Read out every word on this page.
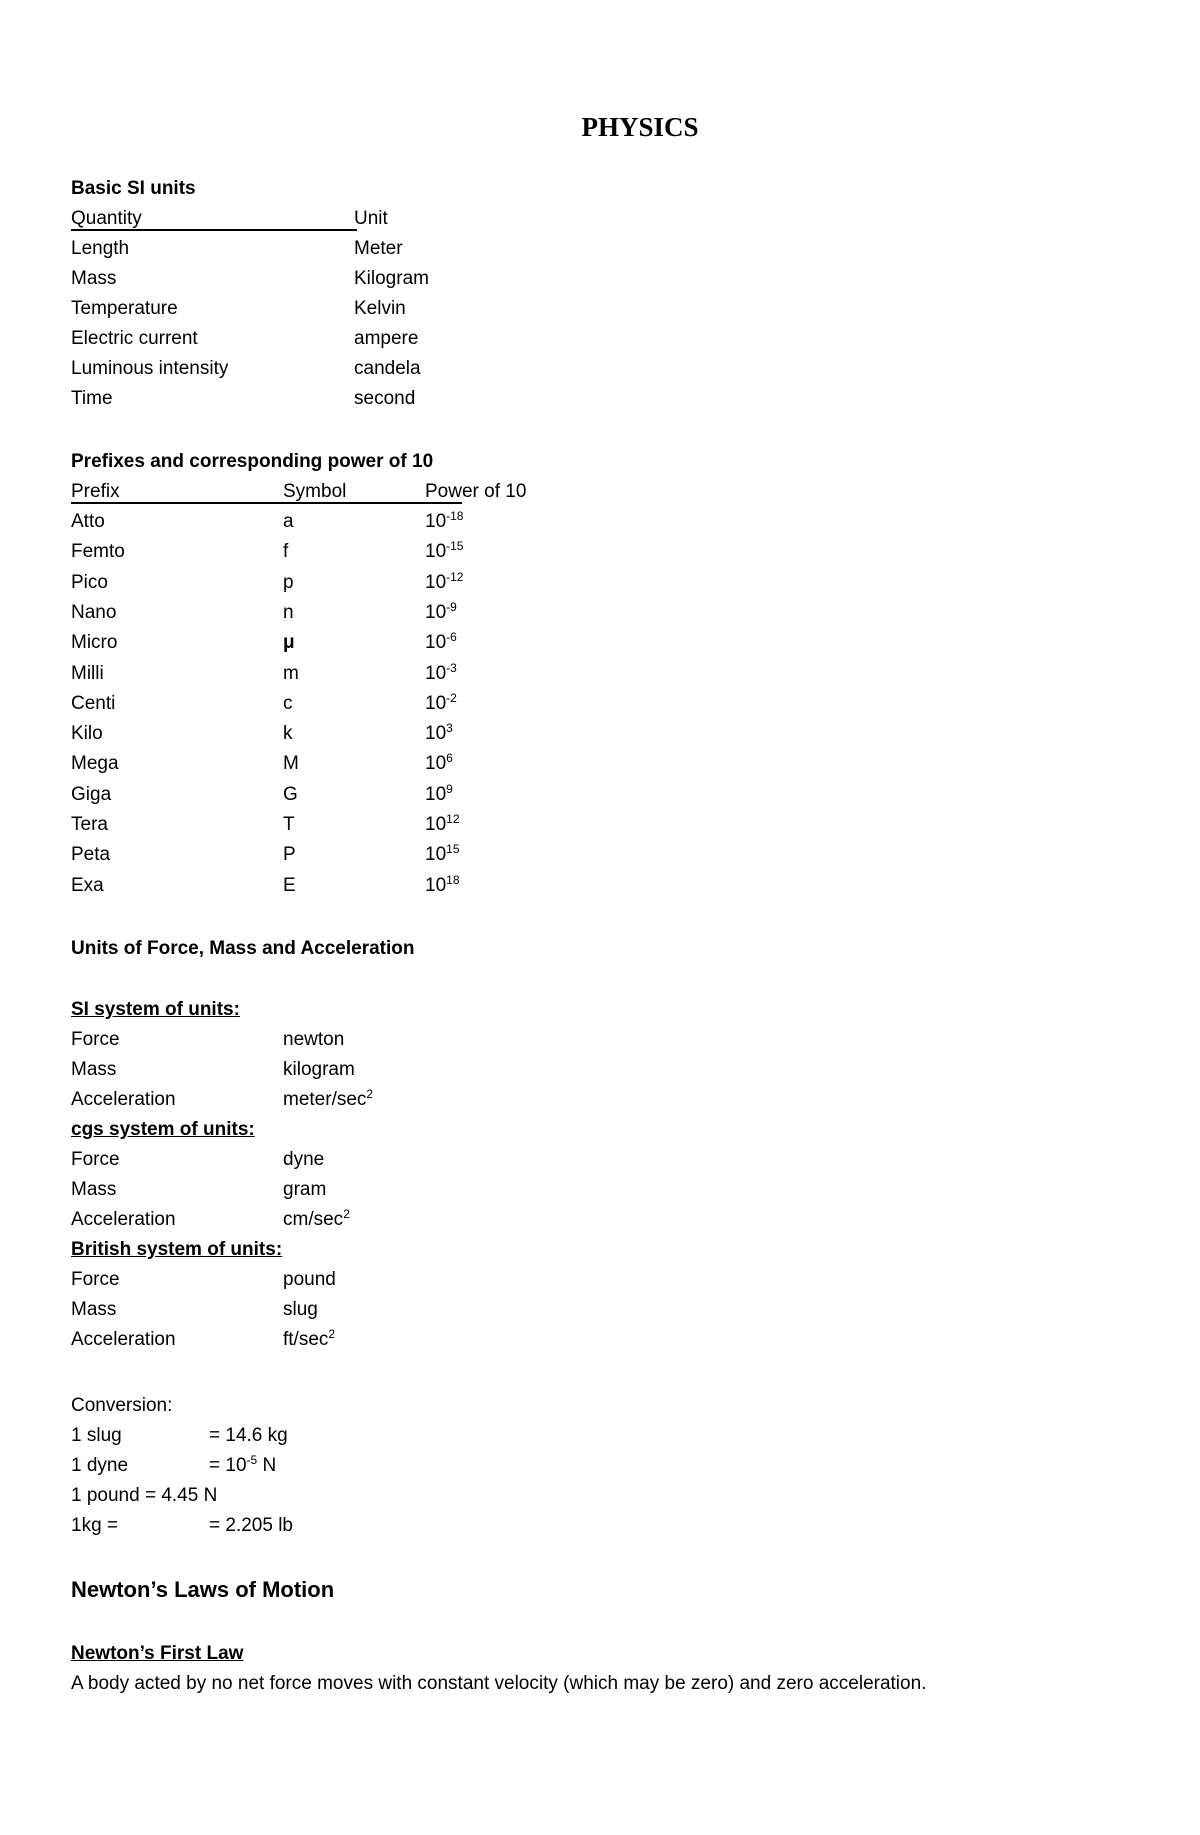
PHYSICS
Basic SI units
Quantity	Unit
Length	Meter
Mass	Kilogram
Temperature	Kelvin
Electric current	ampere
Luminous intensity	candela
Time	second
Prefixes and corresponding power of 10
Prefix	Symbol	Power of 10
Atto	a	$10^{-18}$
Femto	f	$10^{-15}$
Pico	p	$10^{-12}$
Nano	n	$10^{-9}$
Micro	μ	$10^{-6}$
Milli	m	$10^{-3}$
Centi	c	$10^{-2}$
Kilo	k	$10^3$
Mega	M	$10^6$
Giga	G	$10^9$
Tera	T	$10^{12}$
Peta	P	$10^{15}$
Exa	E	$10^{18}$
Units of Force, Mass and Acceleration
SI system of units:
Force	newton
Mass	kilogram
Acceleration	meter/$\sec^2$
cgs system of units:
Force	dyne
Mass	gram
Acceleration	$cm/\sec^2$
British system of units:
Force	pound
Mass	slug
Acceleration	$ft/\sec^2$
Conversion:
1 slug	= 14.6 kg
1 dyne	= $10^{-5}$ N
1 pound = 4.45 N
1kg =	= 2.205 lb
Newton’s Laws of Motion
Newton’s First Law
A body acted by no net force moves with constant velocity (which may be zero) and zero acceleration.
